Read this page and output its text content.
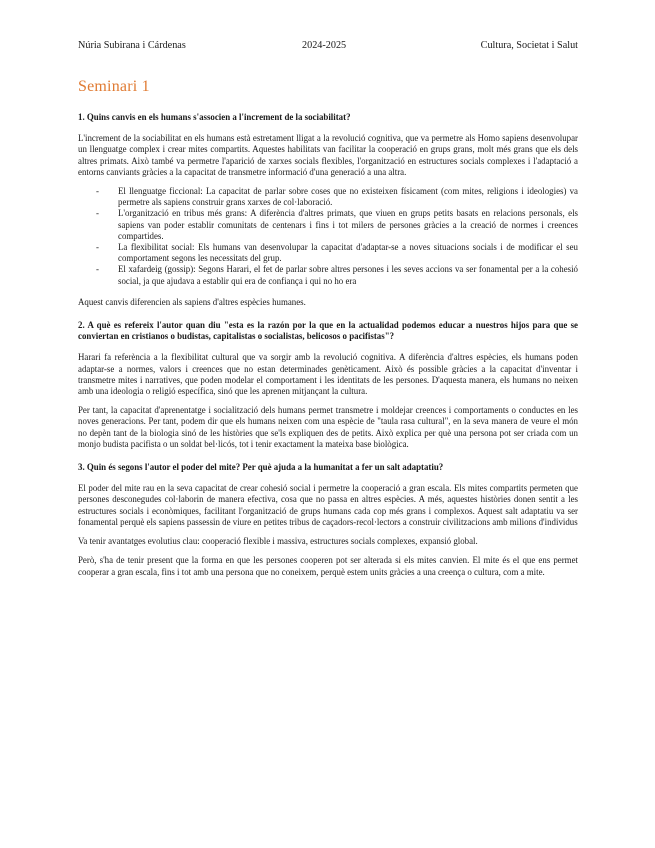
Núria Subirana i Cárdenas	2024-2025	Cultura, Societat i Salut
Seminari 1

1. Quins canvis en els humans s'associen a l'increment de la sociabilitat?

L'increment de la sociabilitat en els humans està estretament lligat a la revolució cognitiva, que va permetre als Homo sapiens desenvolupar un llenguatge complex i crear mites compartits. Aquestes habilitats van facilitar la cooperació en grups grans, molt més grans que els dels altres primats. Això també va permetre l'aparició de xarxes socials flexibles, l'organització en estructures socials complexes i l'adaptació a entorns canviants gràcies a la capacitat de transmetre informació d'una generació a una altra.

- El llenguatge ficcional: La capacitat de parlar sobre coses que no existeixen físicament (com mites, religions i ideologies) va permetre als sapiens construir grans xarxes de col·laboració.
- L'organització en tribus més grans: A diferència d'altres primats, que viuen en grups petits basats en relacions personals, els sapiens van poder establir comunitats de centenars i fins i tot milers de persones gràcies a la creació de normes i creences compartides.
- La flexibilitat social: Els humans van desenvolupar la capacitat d'adaptar-se a noves situacions socials i de modificar el seu comportament segons les necessitats del grup.
- El xafardeig (gossip): Segons Harari, el fet de parlar sobre altres persones i les seves accions va ser fonamental per a la cohesió social, ja que ajudava a establir qui era de confiança i qui no ho era

Aquest canvis diferencien als sapiens d'altres espècies humanes.

2. A què es refereix l'autor quan diu "esta es la razón por la que en la actualidad podemos educar a nuestros hijos para que se conviertan en cristianos o budistas, capitalistas o socialistas, belicosos o pacifistas"?

Harari fa referència a la flexibilitat cultural que va sorgir amb la revolució cognitiva. A diferència d'altres espècies, els humans poden adaptar-se a normes, valors i creences que no estan determinades genèticament. Això és possible gràcies a la capacitat d'inventar i transmetre mites i narratives, que poden modelar el comportament i les identitats de les persones. D'aquesta manera, els humans no neixen amb una ideologia o religió específica, sinó que les aprenen mitjançant la cultura.

Per tant, la capacitat d'aprenentatge i socialització dels humans permet transmetre i moldejar creences i comportaments o conductes en les noves generacions. Per tant, podem dir que els humans neixen com una espècie de "taula rasa cultural", en la seva manera de veure el món no depèn tant de la biologia sinó de les històries que se'ls expliquen des de petits. Això explica per què una persona pot ser criada com un monjo budista pacifista o un soldat bel·licós, tot i tenir exactament la mateixa base biològica.

3. Quin és segons l'autor el poder del mite? Per què ajuda a la humanitat a fer un salt adaptatiu?

El poder del mite rau en la seva capacitat de crear cohesió social i permetre la cooperació a gran escala. Els mites compartits permeten que persones desconegudes col·laborin de manera efectiva, cosa que no passa en altres espècies. A més, aquestes històries donen sentit a les estructures socials i econòmiques, facilitant l'organització de grups humans cada cop més grans i complexos. Aquest salt adaptatiu va ser fonamental perquè els sapiens passessin de viure en petites tribus de caçadors-recol·lectors a construir civilitzacions amb milions d'individus

Va tenir avantatges evolutius clau: cooperació flexible i massiva, estructures socials complexes, expansió global.

Però, s'ha de tenir present que la forma en que les persones cooperen pot ser alterada si els mites canvien. El mite és el que ens permet cooperar a gran escala, fins i tot amb una persona que no coneixem, perquè estem units gràcies a una creença o cultura, com a mite.
